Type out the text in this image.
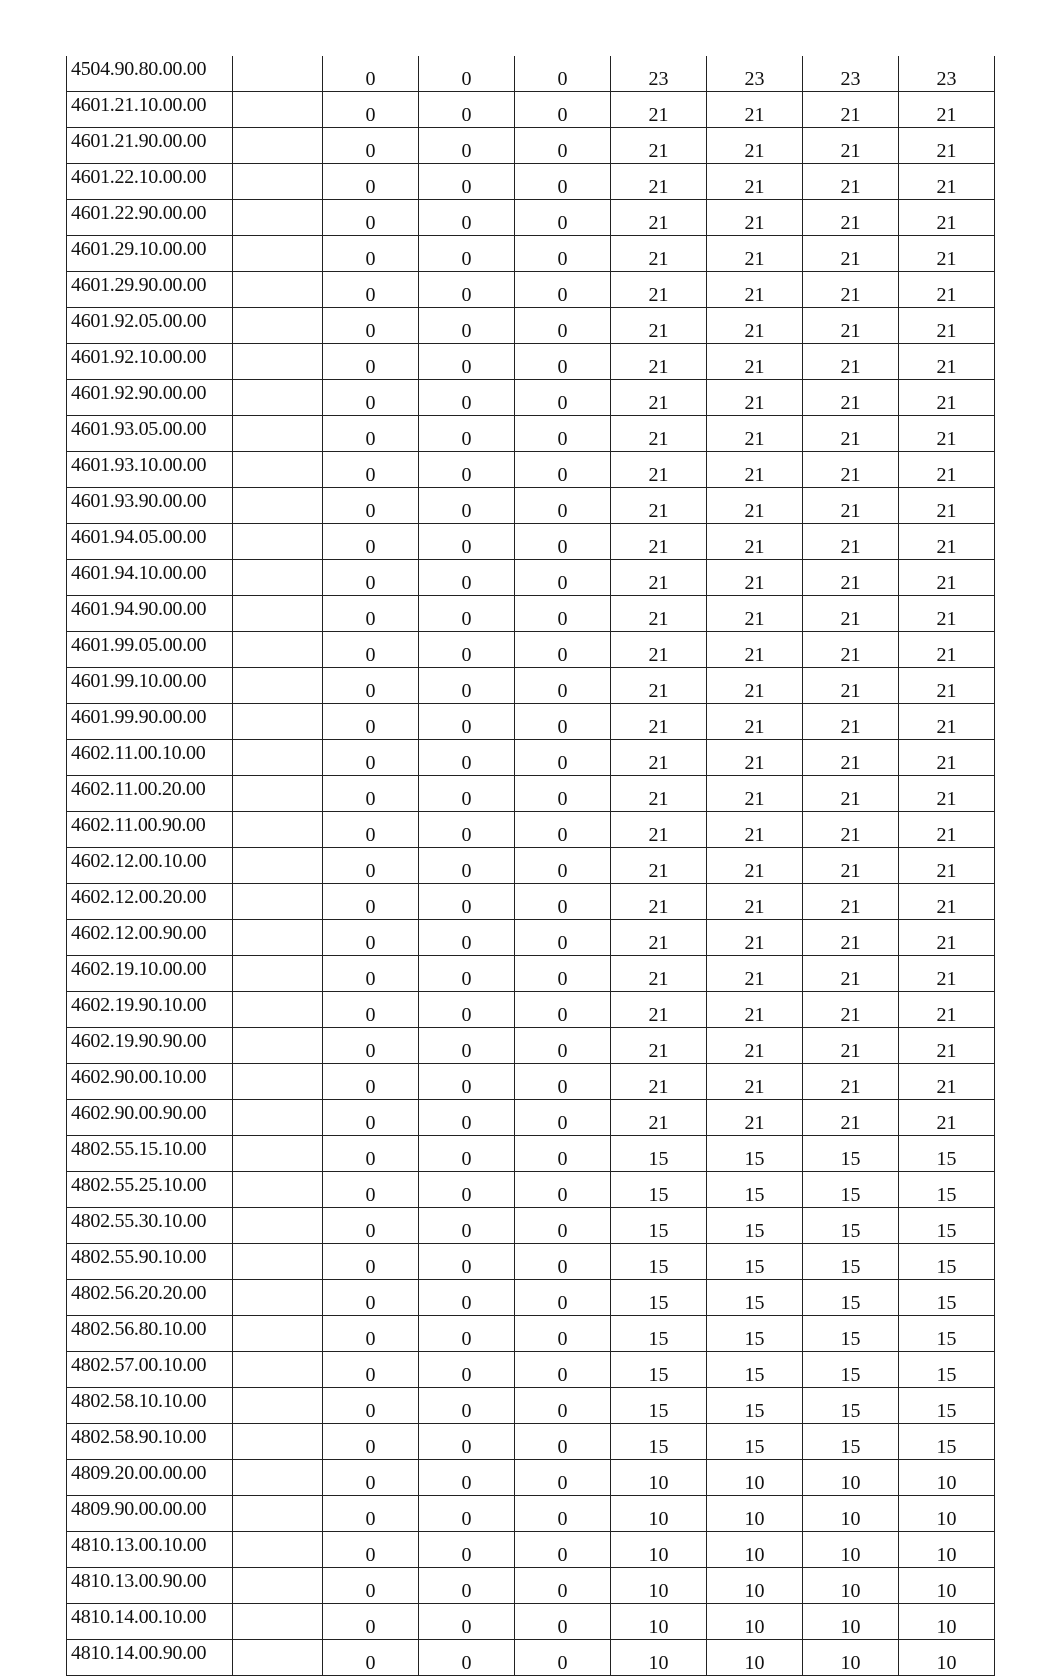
4504.90.80.00.00		0	0	0	23	23	23	23
4601.21.10.00.00		0	0	0	21	21	21	21
4601.21.90.00.00		0	0	0	21	21	21	21
4601.22.10.00.00		0	0	0	21	21	21	21
4601.22.90.00.00		0	0	0	21	21	21	21
4601.29.10.00.00		0	0	0	21	21	21	21
4601.29.90.00.00		0	0	0	21	21	21	21
4601.92.05.00.00		0	0	0	21	21	21	21
4601.92.10.00.00		0	0	0	21	21	21	21
4601.92.90.00.00		0	0	0	21	21	21	21
4601.93.05.00.00		0	0	0	21	21	21	21
4601.93.10.00.00		0	0	0	21	21	21	21
4601.93.90.00.00		0	0	0	21	21	21	21
4601.94.05.00.00		0	0	0	21	21	21	21
4601.94.10.00.00		0	0	0	21	21	21	21
4601.94.90.00.00		0	0	0	21	21	21	21
4601.99.05.00.00		0	0	0	21	21	21	21
4601.99.10.00.00		0	0	0	21	21	21	21
4601.99.90.00.00		0	0	0	21	21	21	21
4602.11.00.10.00		0	0	0	21	21	21	21
4602.11.00.20.00		0	0	0	21	21	21	21
4602.11.00.90.00		0	0	0	21	21	21	21
4602.12.00.10.00		0	0	0	21	21	21	21
4602.12.00.20.00		0	0	0	21	21	21	21
4602.12.00.90.00		0	0	0	21	21	21	21
4602.19.10.00.00		0	0	0	21	21	21	21
4602.19.90.10.00		0	0	0	21	21	21	21
4602.19.90.90.00		0	0	0	21	21	21	21
4602.90.00.10.00		0	0	0	21	21	21	21
4602.90.00.90.00		0	0	0	21	21	21	21
4802.55.15.10.00		0	0	0	15	15	15	15
4802.55.25.10.00		0	0	0	15	15	15	15
4802.55.30.10.00		0	0	0	15	15	15	15
4802.55.90.10.00		0	0	0	15	15	15	15
4802.56.20.20.00		0	0	0	15	15	15	15
4802.56.80.10.00		0	0	0	15	15	15	15
4802.57.00.10.00		0	0	0	15	15	15	15
4802.58.10.10.00		0	0	0	15	15	15	15
4802.58.90.10.00		0	0	0	15	15	15	15
4809.20.00.00.00		0	0	0	10	10	10	10
4809.90.00.00.00		0	0	0	10	10	10	10
4810.13.00.10.00		0	0	0	10	10	10	10
4810.13.00.90.00		0	0	0	10	10	10	10
4810.14.00.10.00		0	0	0	10	10	10	10
4810.14.00.90.00		0	0	0	10	10	10	10
